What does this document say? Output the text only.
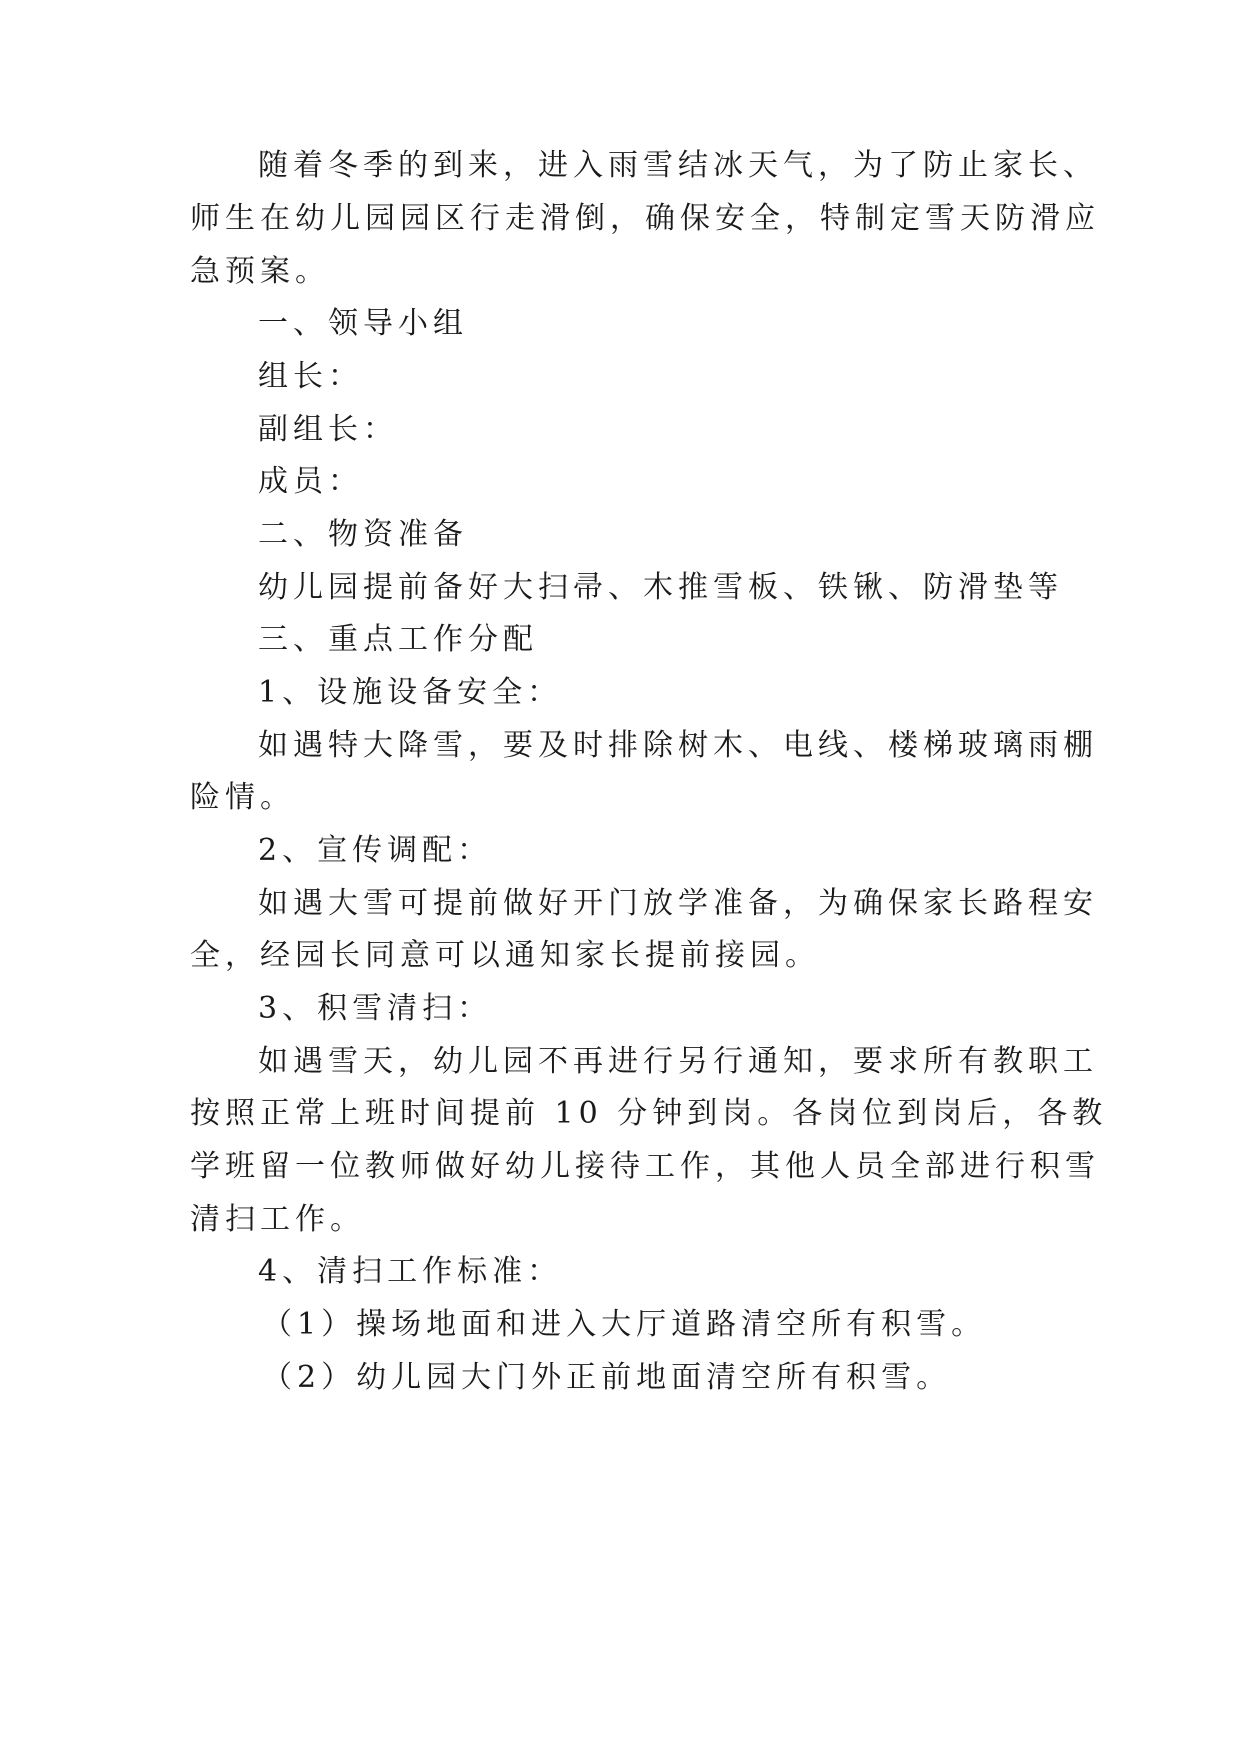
随着冬季的到来，进入雨雪结冰天气，为了防止家长、
师生在幼儿园园区行走滑倒，确保安全，特制定雪天防滑应
急预案。
一、领导小组
组长：
副组长：
成员：
二、物资准备
幼儿园提前备好大扫帚、木推雪板、铁锹、防滑垫等
三、重点工作分配
1、设施设备安全：
如遇特大降雪，要及时排除树木、电线、楼梯玻璃雨棚
险情。
2、宣传调配：
如遇大雪可提前做好开门放学准备，为确保家长路程安
全，经园长同意可以通知家长提前接园。
3、积雪清扫：
如遇雪天，幼儿园不再进行另行通知，要求所有教职工
按照正常上班时间提前 10 分钟到岗。各岗位到岗后，各教
学班留一位教师做好幼儿接待工作，其他人员全部进行积雪
清扫工作。
4、清扫工作标准：
（1）操场地面和进入大厅道路清空所有积雪。
（2）幼儿园大门外正前地面清空所有积雪。
